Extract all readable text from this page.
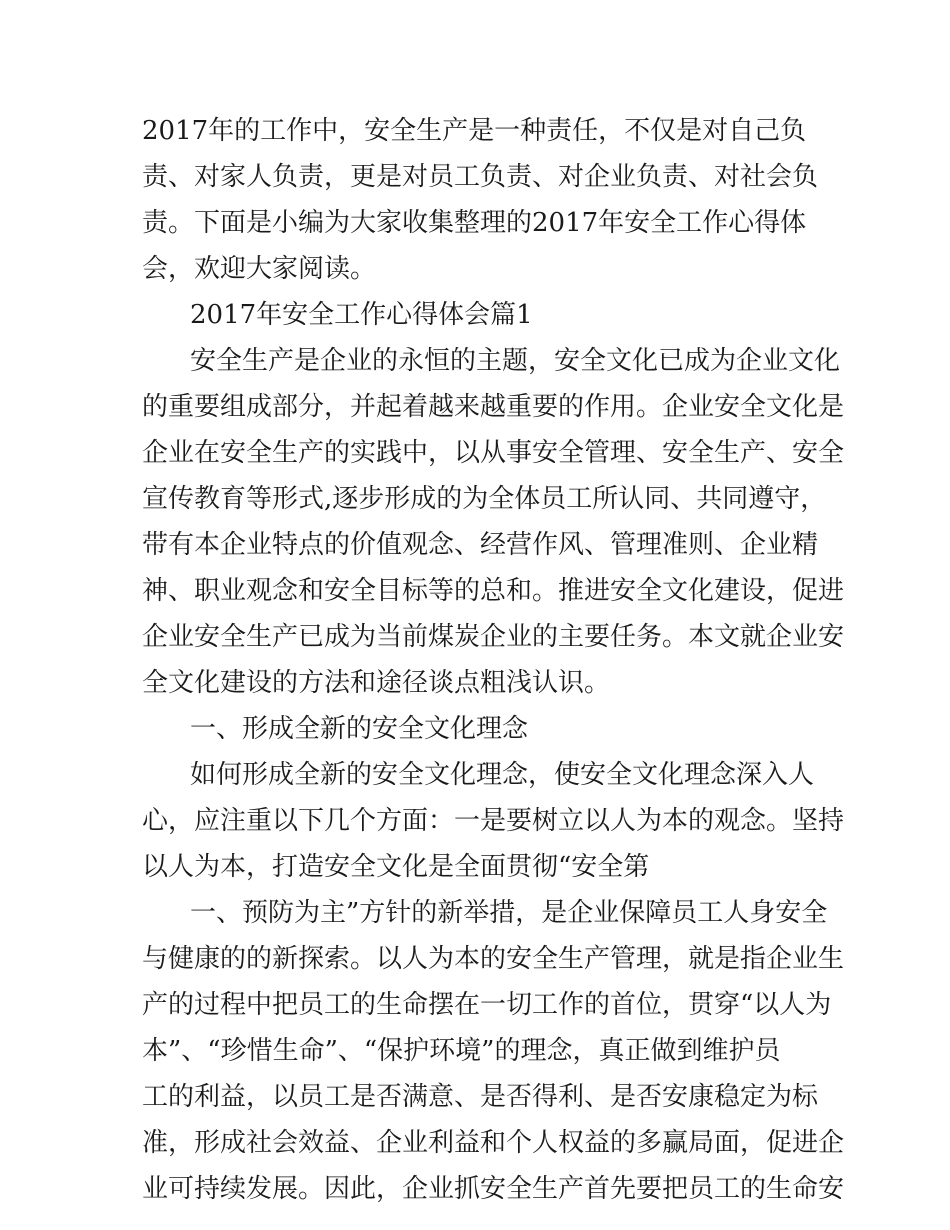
2017年的工作中，安全生产是一种责任，不仅是对自己负
责、对家人负责，更是对员工负责、对企业负责、对社会负
责。下面是小编为大家收集整理的2017年安全工作心得体
会，欢迎大家阅读。
2017年安全工作心得体会篇1
安全生产是企业的永恒的主题，安全文化已成为企业文化
的重要组成部分，并起着越来越重要的作用。企业安全文化是
企业在安全生产的实践中，以从事安全管理、安全生产、安全
宣传教育等形式,逐步形成的为全体员工所认同、共同遵守，
带有本企业特点的价值观念、经营作风、管理准则、企业精
神、职业观念和安全目标等的总和。推进安全文化建设，促进
企业安全生产已成为当前煤炭企业的主要任务。本文就企业安
全文化建设的方法和途径谈点粗浅认识。
一、形成全新的安全文化理念
如何形成全新的安全文化理念，使安全文化理念深入人
心，应注重以下几个方面：一是要树立以人为本的观念。坚持
以人为本，打造安全文化是全面贯彻“安全第
一、预防为主”方针的新举措，是企业保障员工人身安全
与健康的的新探索。以人为本的安全生产管理，就是指企业生
产的过程中把员工的生命摆在一切工作的首位，贯穿“以人为
本”、“珍惜生命”、“保护环境”的理念，真正做到维护员
工的利益，以员工是否满意、是否得利、是否安康稳定为标
准，形成社会效益、企业利益和个人权益的多赢局面，促进企
业可持续发展。因此，企业抓安全生产首先要把员工的生命安
